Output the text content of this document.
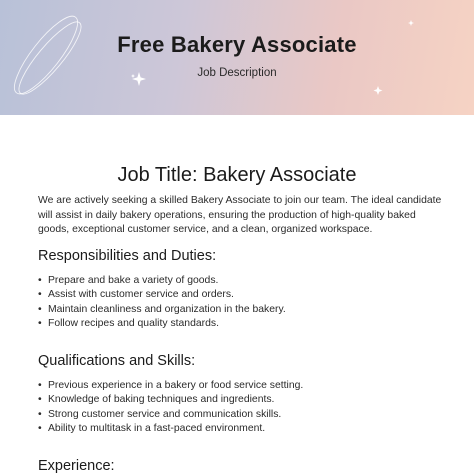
Free Bakery Associate
Job Description
Job Title: Bakery Associate
We are actively seeking a skilled Bakery Associate to join our team. The ideal candidate will assist in daily bakery operations, ensuring the production of high-quality baked goods, exceptional customer service, and a clean, organized workspace.
Responsibilities and Duties:
• Prepare and bake a variety of goods.
• Assist with customer service and orders.
• Maintain cleanliness and organization in the bakery.
• Follow recipes and quality standards.
Qualifications and Skills:
• Previous experience in a bakery or food service setting.
• Knowledge of baking techniques and ingredients.
• Strong customer service and communication skills.
• Ability to multitask in a fast-paced environment.
Experience:
